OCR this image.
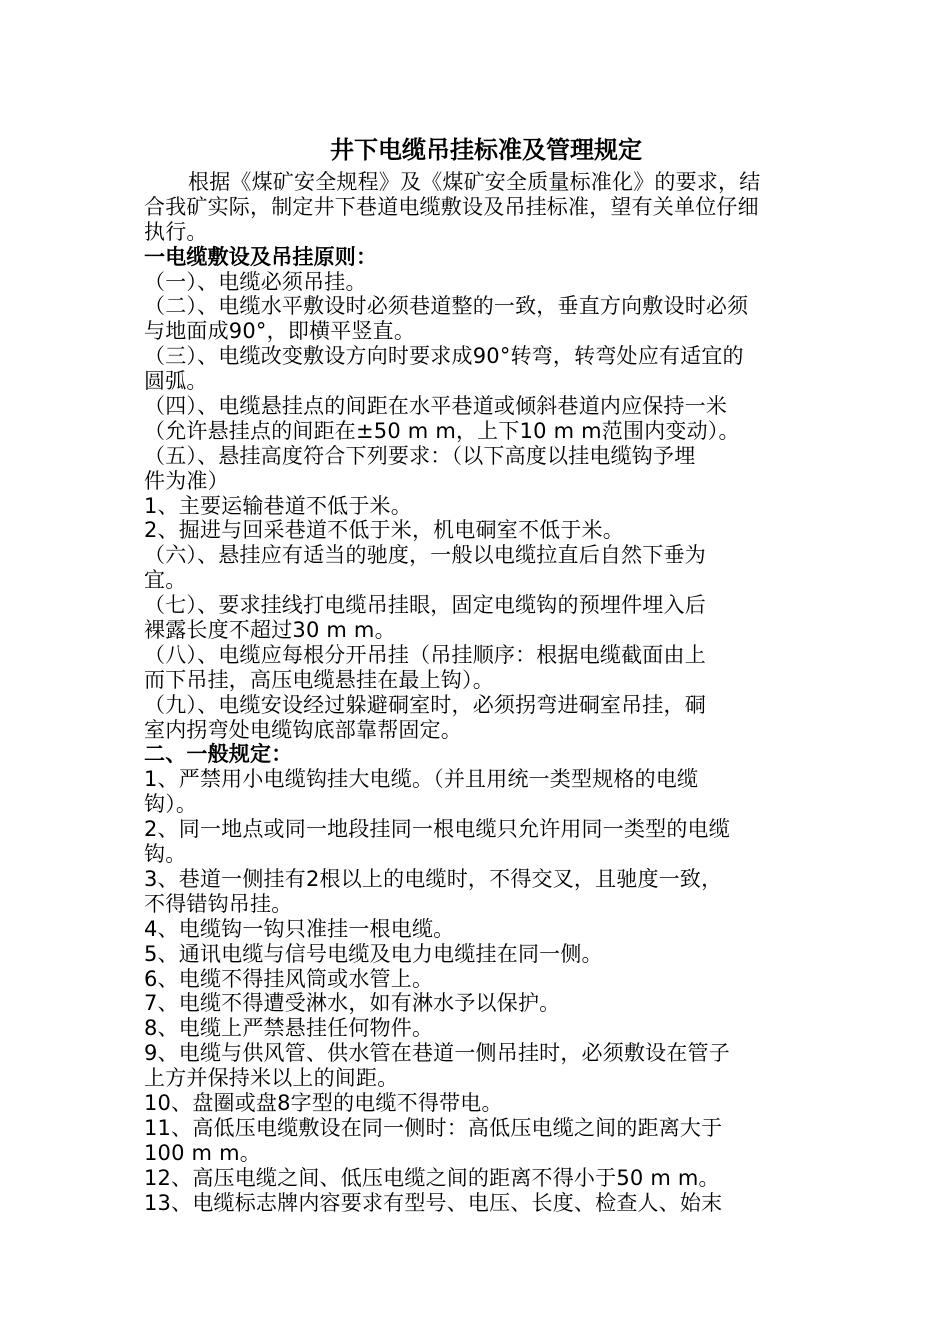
井下电缆吊挂标准及管理规定

根据《煤矿安全规程》及《煤矿安全质量标准化》的要求，结

合我矿实际，制定井下巷道电缆敷设及吊挂标准，望有关单位仔细

执行。

一电缆敷设及吊挂原则：

（一）、电缆必须吊挂。

（二）、电缆水平敷设时必须巷道整的一致，垂直方向敷设时必须

与地面成90°，即横平竖直。

（三）、电缆改变敷设方向时要求成90°转弯，转弯处应有适宜的

圆弧。

（四）、电缆悬挂点的间距在水平巷道或倾斜巷道内应保持一米

（允许悬挂点的间距在±50 m m，上下10 m m范围内变动）。

（五）、悬挂高度符合下列要求：（以下高度以挂电缆钩予埋

件为准）

1、主要运输巷道不低于米。

2、掘进与回采巷道不低于米，机电硐室不低于米。

（六）、悬挂应有适当的驰度，一般以电缆拉直后自然下垂为

宜。

（七）、要求挂线打电缆吊挂眼，固定电缆钩的预埋件埋入后

裸露长度不超过30 m m。

（八）、电缆应每根分开吊挂（吊挂顺序：根据电缆截面由上

而下吊挂，高压电缆悬挂在最上钩）。

（九）、电缆安设经过躲避硐室时，必须拐弯进硐室吊挂，硐

室内拐弯处电缆钩底部靠帮固定。

二、一般规定：

1、严禁用小电缆钩挂大电缆。（并且用统一类型规格的电缆

钩）。

2、同一地点或同一地段挂同一根电缆只允许用同一类型的电缆

钩。

3、巷道一侧挂有2根以上的电缆时，不得交叉，且驰度一致，

不得错钩吊挂。

4、电缆钩一钩只准挂一根电缆。

5、通讯电缆与信号电缆及电力电缆挂在同一侧。

6、电缆不得挂风筒或水管上。

7、电缆不得遭受淋水，如有淋水予以保护。

8、电缆上严禁悬挂任何物件。

9、电缆与供风管、供水管在巷道一侧吊挂时，必须敷设在管子

上方并保持米以上的间距。

10、盘圈或盘8字型的电缆不得带电。

11、高低压电缆敷设在同一侧时：高低压电缆之间的距离大于

100 m m。

12、高压电缆之间、低压电缆之间的距离不得小于50 m m。

13、电缆标志牌内容要求有型号、电压、长度、检查人、始末
